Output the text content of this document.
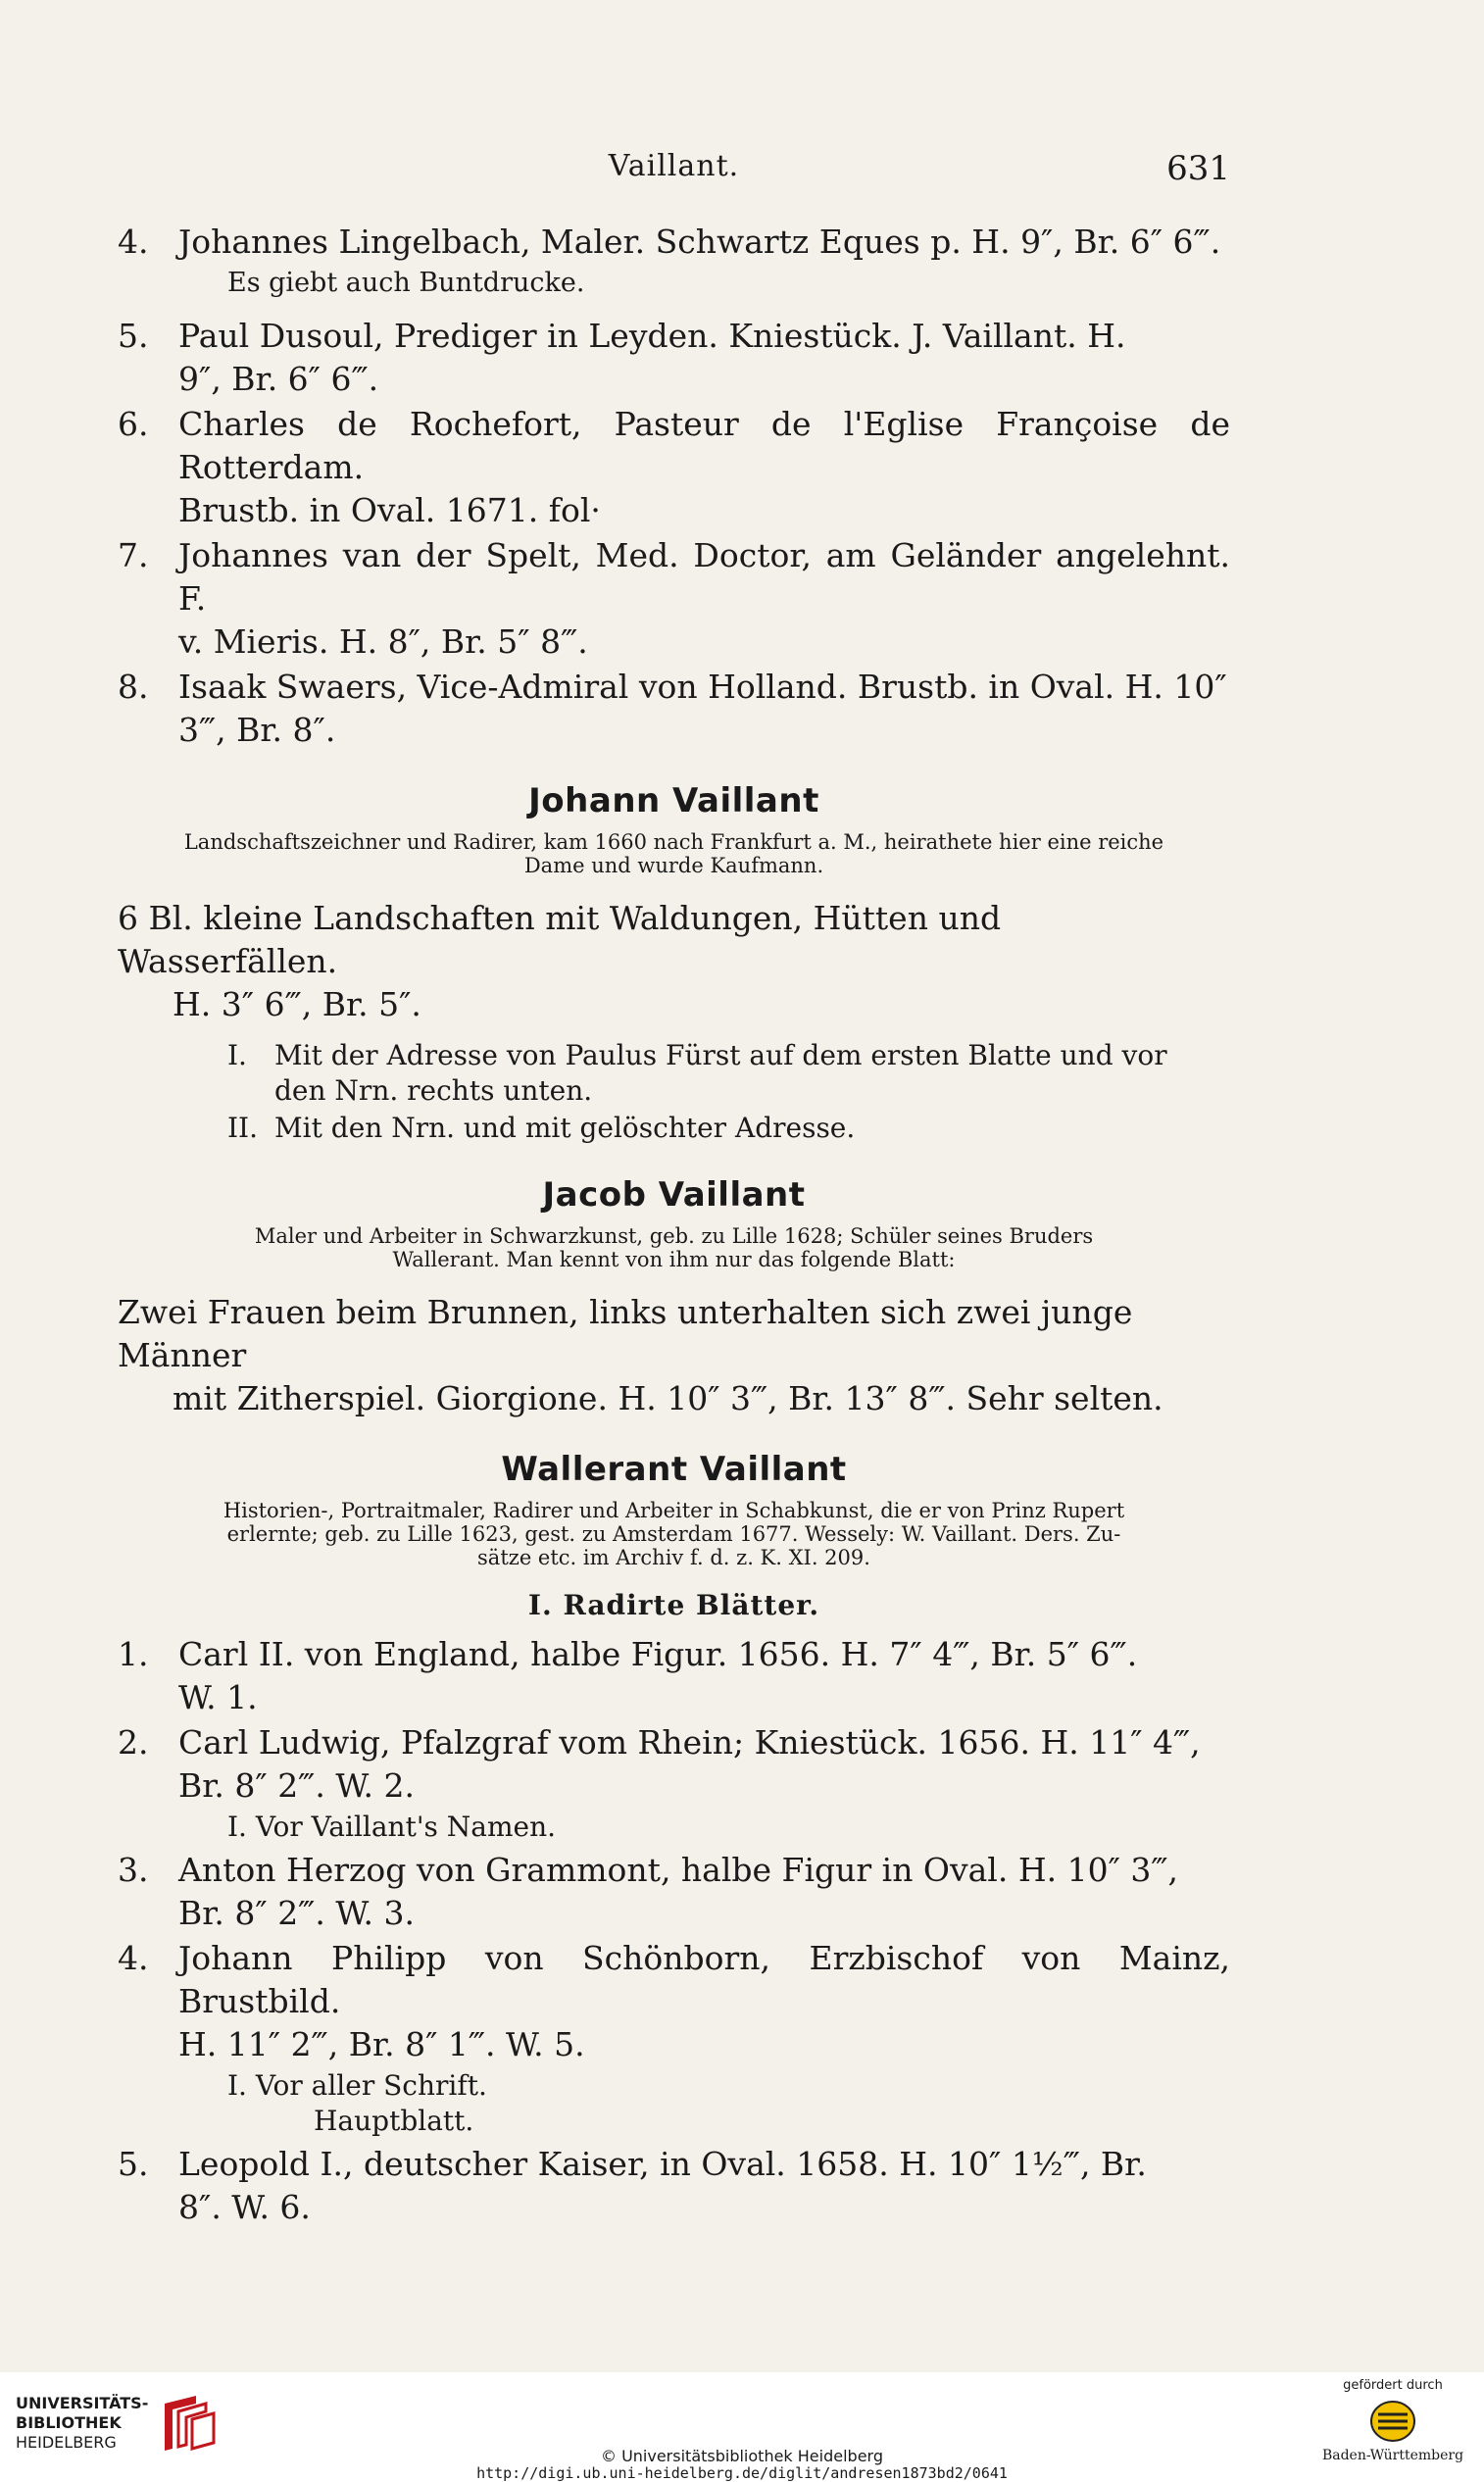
Vaillant.	631
4. Johannes Lingelbach, Maler. Schwartz Eques p. H. 9″, Br. 6″ 6‴.
Es giebt auch Buntdrucke.
5. Paul Dusoul, Prediger in Leyden. Kniestück. J. Vaillant. H.
9″, Br. 6″ 6‴.
6. Charles de Rochefort, Pasteur de l'Eglise Françoise de Rotterdam.
Brustb. in Oval. 1671. fol·
7. Johannes van der Spelt, Med. Doctor, am Geländer angelehnt. F.
v. Mieris. H. 8″, Br. 5″ 8‴.
8. Isaak Swaers, Vice-Admiral von Holland. Brustb. in Oval. H. 10″
3‴, Br. 8″.
Johann Vaillant
Landschaftszeichner und Radirer, kam 1660 nach Frankfurt a. M., heirathete hier eine reiche
Dame und wurde Kaufmann.
6 Bl. kleine Landschaften mit Waldungen, Hütten und Wasserfällen.
H. 3″ 6‴, Br. 5″.
I.	Mit der Adresse von Paulus Fürst auf dem ersten Blatte und vor
den Nrn. rechts unten.
II. Mit den Nrn. und mit gelöschter Adresse.
Jacob Vaillant
Maler und Arbeiter in Schwarzkunst, geb. zu Lille 1628; Schüler seines Bruders
Wallerant. Man kennt von ihm nur das folgende Blatt:
Zwei Frauen beim Brunnen, links unterhalten sich zwei junge Männer
mit Zitherspiel. Giorgione. H. 10″ 3‴, Br. 13″ 8‴. Sehr selten.
Wallerant Vaillant
Historien-, Portraitmaler, Radirer und Arbeiter in Schabkunst, die er von Prinz Rupert
erlernte; geb. zu Lille 1623, gest. zu Amsterdam 1677. Wessely: W. Vaillant. Ders. Zu-
sätze etc. im Archiv f. d. z. K. XI. 209.
I. Radirte Blätter.
1. Carl II. von England, halbe Figur. 1656. H. 7″ 4‴, Br. 5″ 6‴.
W. 1.
2. Carl Ludwig, Pfalzgraf vom Rhein; Kniestück. 1656. H. 11″ 4‴,
Br. 8″ 2‴. W. 2.
I. Vor Vaillant's Namen.
3. Anton Herzog von Grammont, halbe Figur in Oval. H. 10″ 3‴,
Br. 8″ 2‴. W. 3.
4. Johann Philipp von Schönborn, Erzbischof von Mainz, Brustbild.
H. 11″ 2‴, Br. 8″ 1‴. W. 5.
I. Vor aller Schrift.
Hauptblatt.
5. Leopold I., deutscher Kaiser, in Oval. 1658. H. 10″ 1½‴, Br.
8″. W. 6.
UNIVERSITÄTS-
BIBLIOTHEK
HEIDELBERG
© Universitätsbibliothek Heidelberg
http://digi.ub.uni-heidelberg.de/diglit/andresen1873bd2/0641
gefördert durch
Baden-Württemberg
